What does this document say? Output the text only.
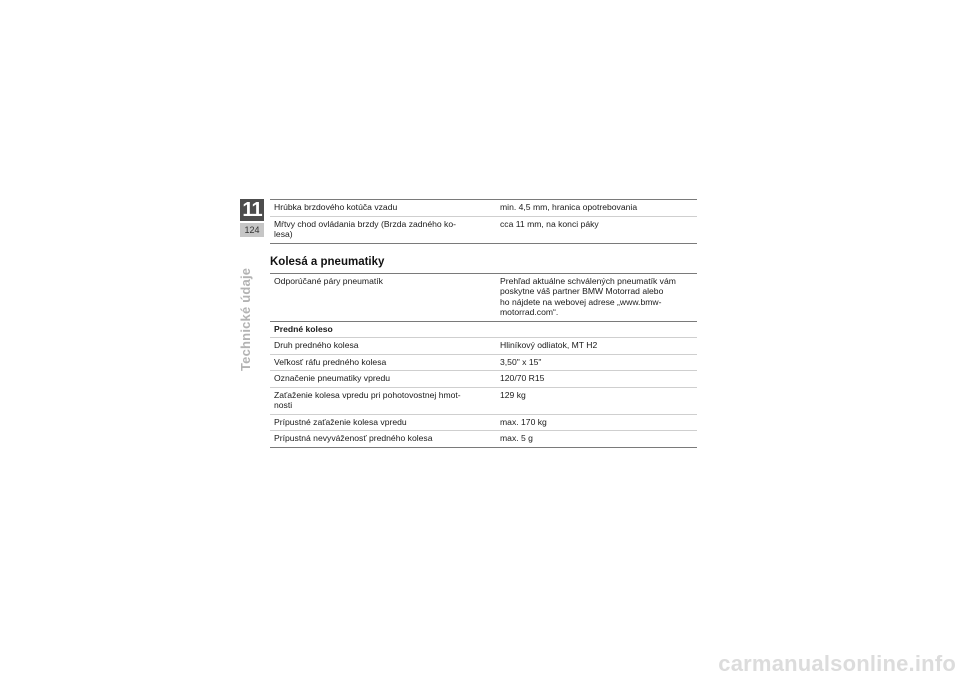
11
124
Technické údaje
Hrúbka brzdového kotúča vzadu	min. 4,5 mm, hranica opotrebovania
Mŕtvy chod ovládania brzdy (Brzda zadného ko-
lesa)	cca 11 mm, na konci páky
Kolesá a pneumatiky
Odporúčané páry pneumatík	Prehľad aktuálne schválených pneumatík vám
poskytne váš partner BMW Motorrad alebo
ho nájdete na webovej adrese „www.bmw-
motorrad.com“.
Predné koleso	
Druh predného kolesa	Hliníkový odliatok, MT H2
Veľkosť ráfu predného kolesa	3,50" x 15"
Označenie pneumatiky vpredu	120/70 R15
Zaťaženie kolesa vpredu pri pohotovostnej hmot-
nosti	129 kg
Prípustné zaťaženie kolesa vpredu	max. 170 kg
Prípustná nevyváženosť predného kolesa	max. 5 g
carmanualsonline.info
